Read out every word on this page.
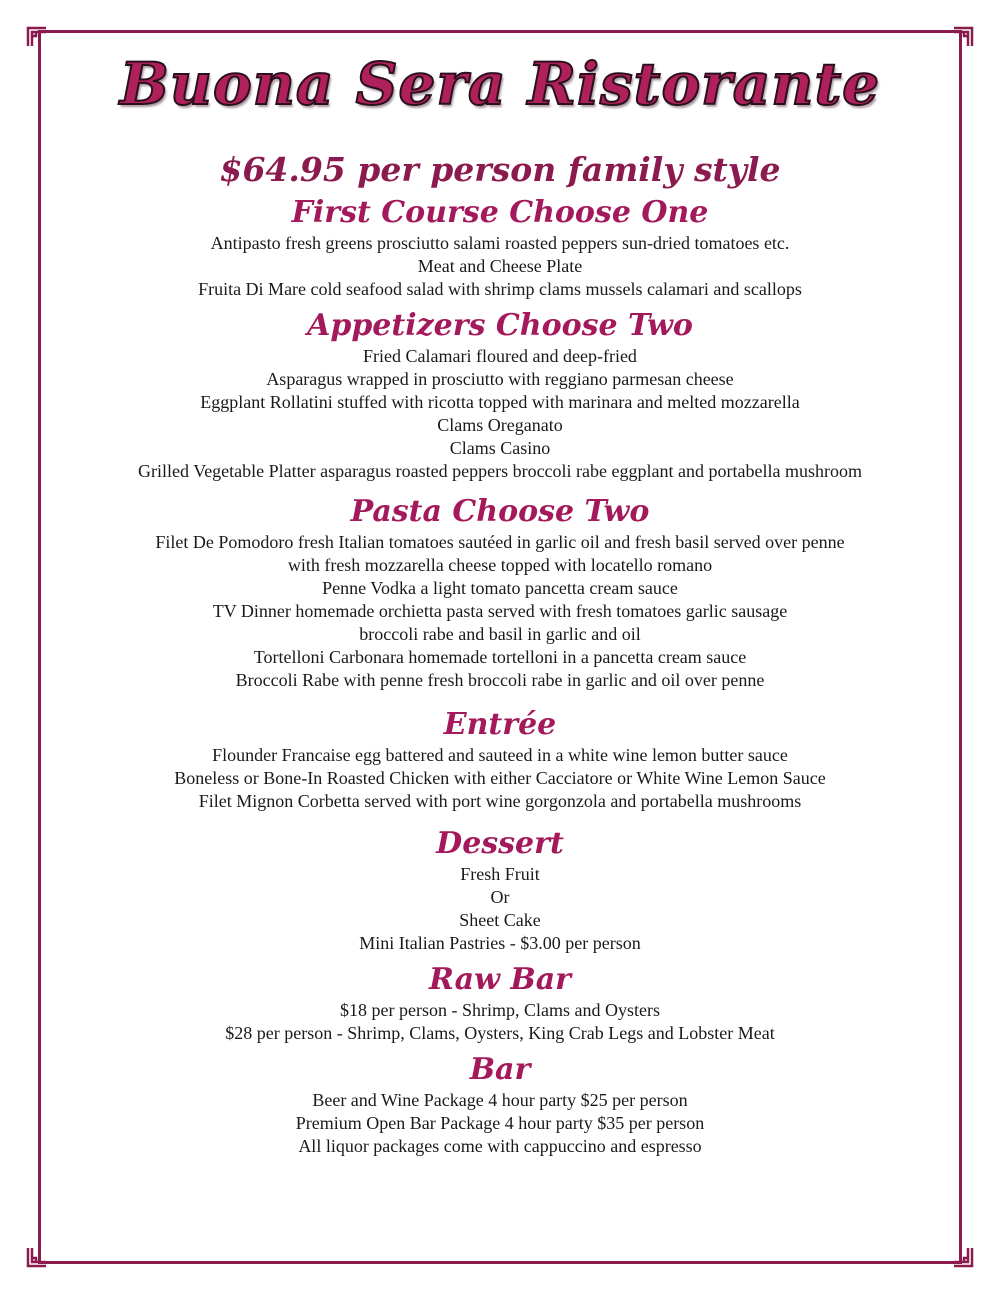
Buona Sera Ristorante
$64.95 per person family style
First Course Choose One
Antipasto fresh greens prosciutto salami roasted peppers sun-dried tomatoes etc.
Meat and Cheese Plate
Fruita Di Mare cold seafood salad with shrimp clams mussels calamari and scallops
Appetizers Choose Two
Fried Calamari floured and deep-fried
Asparagus wrapped in prosciutto with reggiano parmesan cheese
Eggplant Rollatini stuffed with ricotta topped with marinara and melted mozzarella
Clams Oreganato
Clams Casino
Grilled Vegetable Platter asparagus roasted peppers broccoli rabe eggplant and portabella mushroom
Pasta Choose Two
Filet De Pomodoro fresh Italian tomatoes sautéed in garlic oil and fresh basil served over penne
with fresh mozzarella cheese topped with locatello romano
Penne Vodka a light tomato pancetta cream sauce
TV Dinner homemade orchietta pasta served with fresh tomatoes garlic sausage
broccoli rabe and basil in garlic and oil
Tortelloni Carbonara homemade tortelloni in a pancetta cream sauce
Broccoli Rabe with penne fresh broccoli rabe in garlic and oil over penne
Entrée
Flounder Francaise egg battered and sauteed in a white wine lemon butter sauce
Boneless or Bone-In Roasted Chicken with either Cacciatore or White Wine Lemon Sauce
Filet Mignon Corbetta served with port wine gorgonzola and portabella mushrooms
Dessert
Fresh Fruit
Or
Sheet Cake
Mini Italian Pastries - $3.00 per person
Raw Bar
$18 per person - Shrimp, Clams and Oysters
$28 per person - Shrimp, Clams, Oysters, King Crab Legs and Lobster Meat
Bar
Beer and Wine Package 4 hour party $25 per person
Premium Open Bar Package 4 hour party $35 per person
All liquor packages come with cappuccino and espresso
